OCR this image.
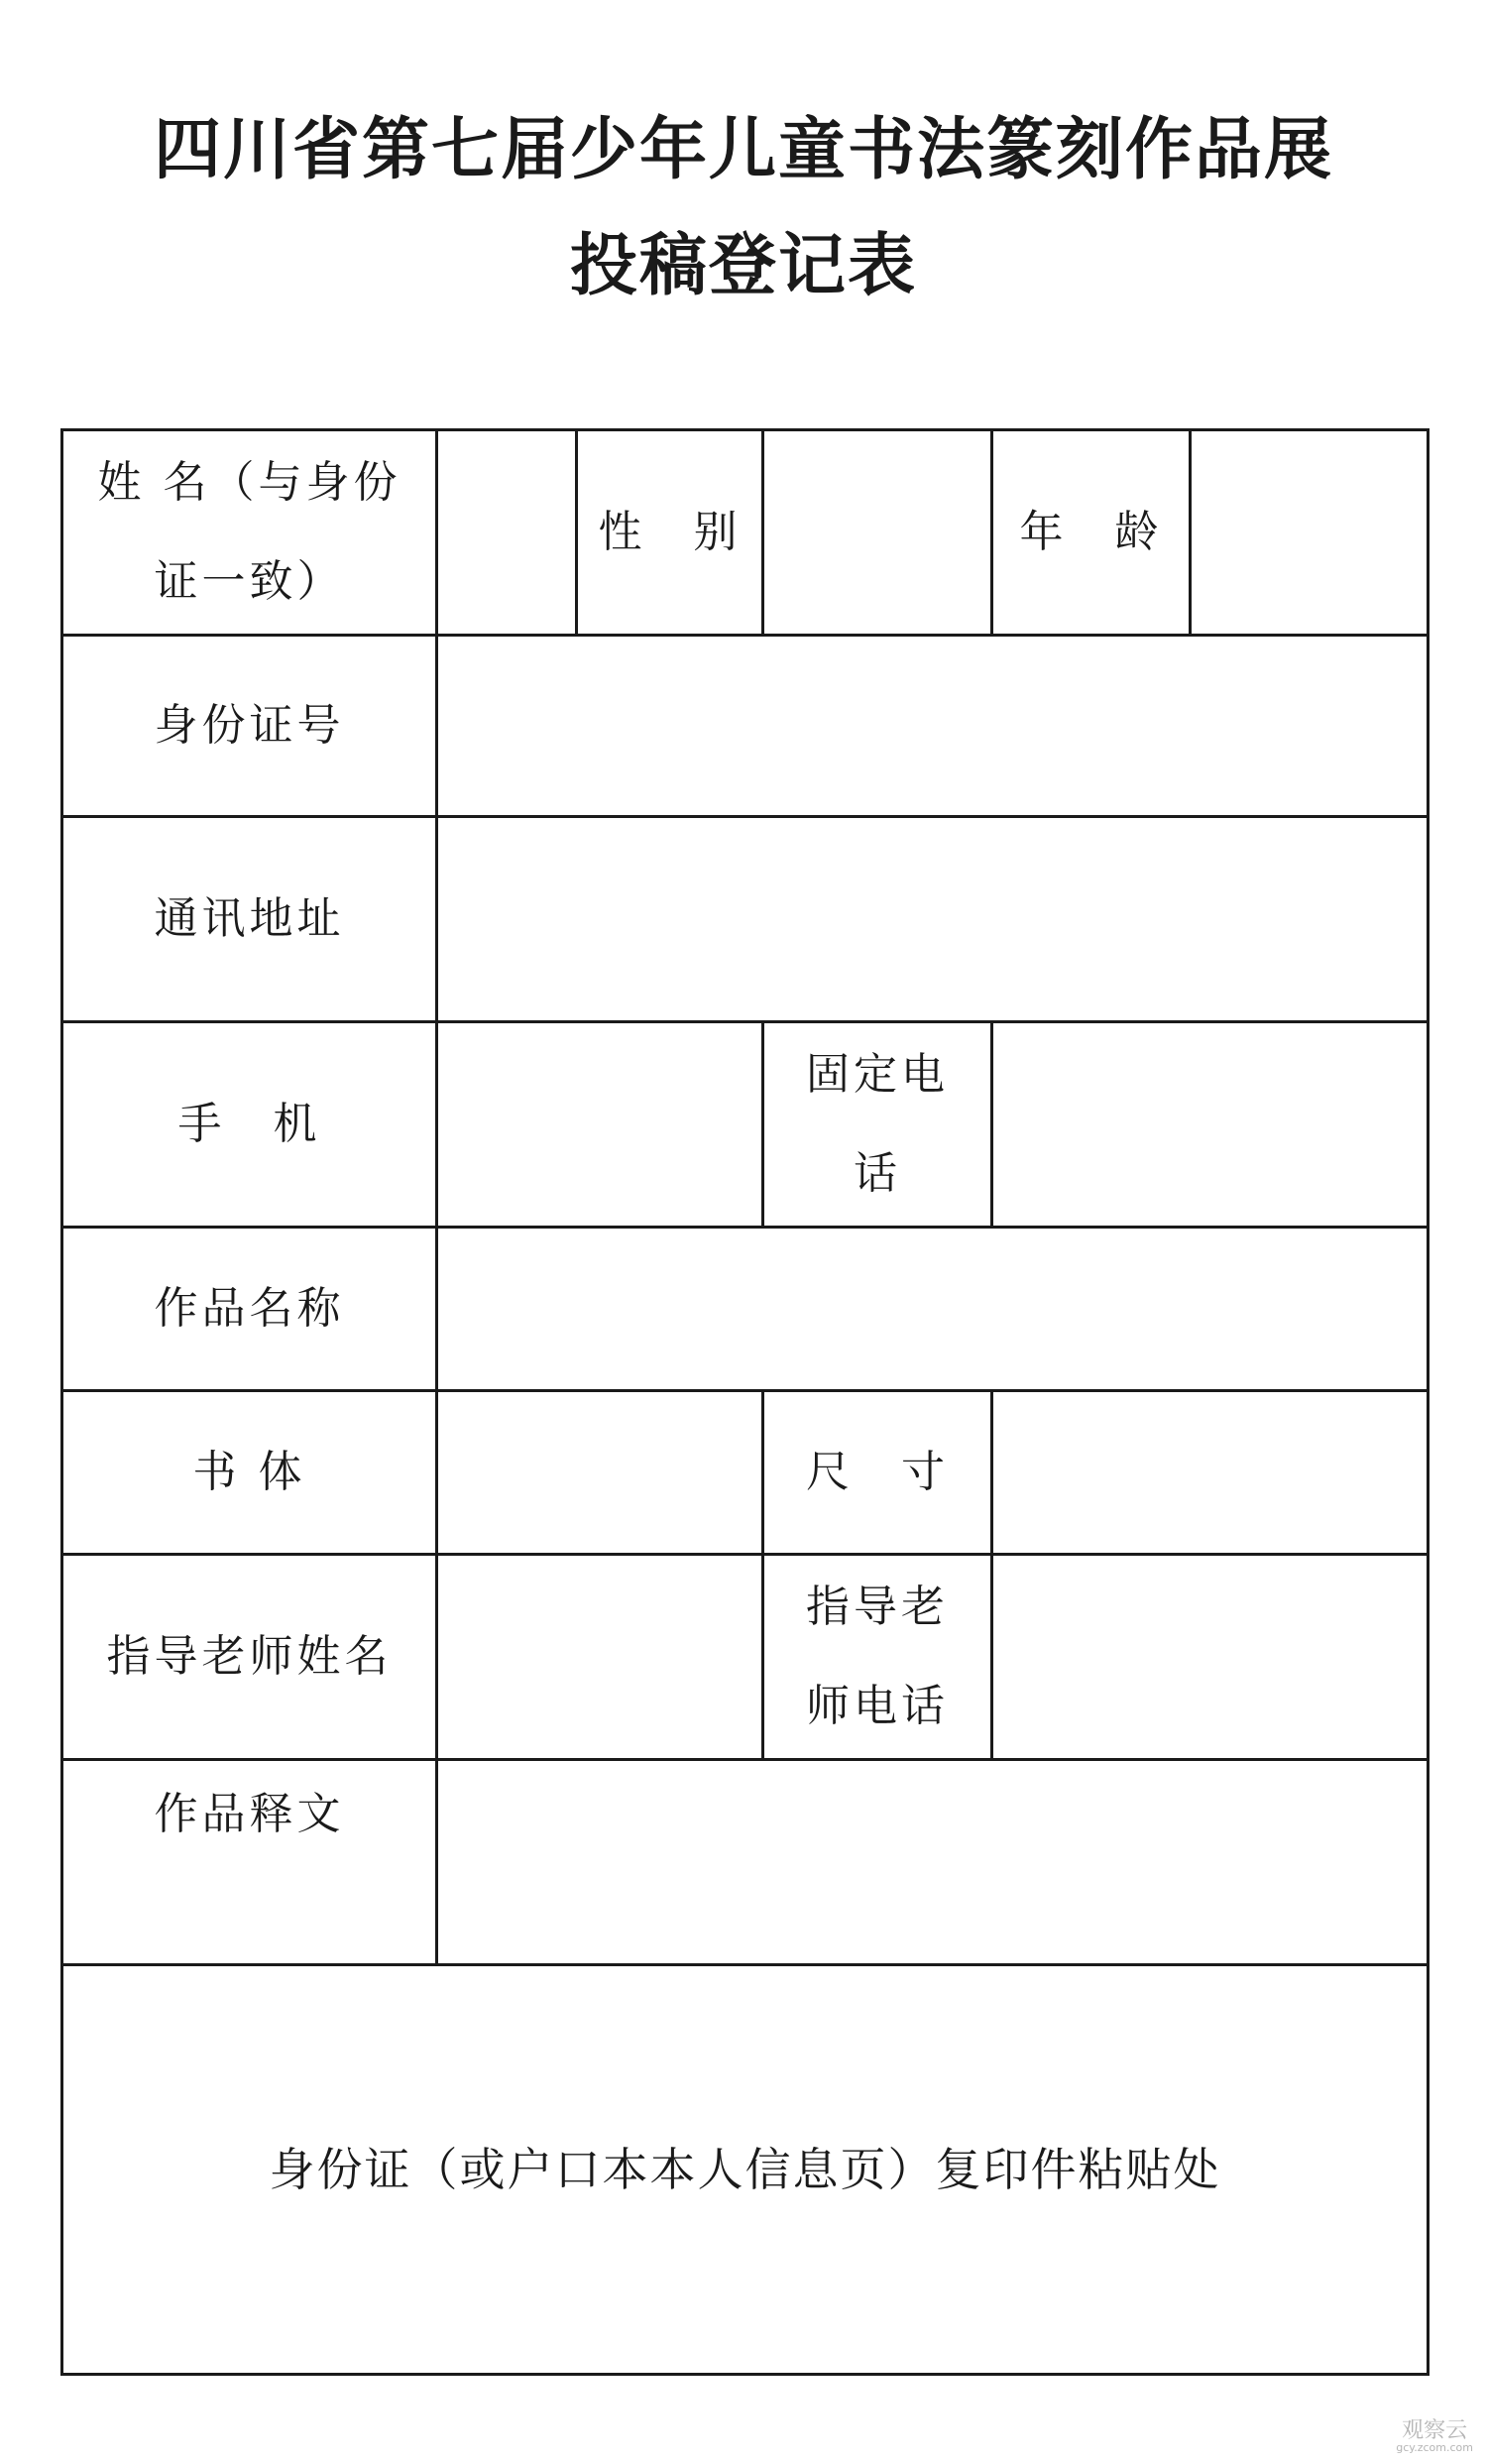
四川省第七届少年儿童书法篆刻作品展
投稿登记表
姓 名（与身份
证一致）		性　别		年　龄	
身份证号					
通讯地址					
手　机			固定电
话		

作品名称					
书 体			尺　寸		
指导老师姓名			指导老
师电话		

作品释文					

身份证（或户口本本人信息页）复印件粘贴处					
观察云
gcy.zcom.com
